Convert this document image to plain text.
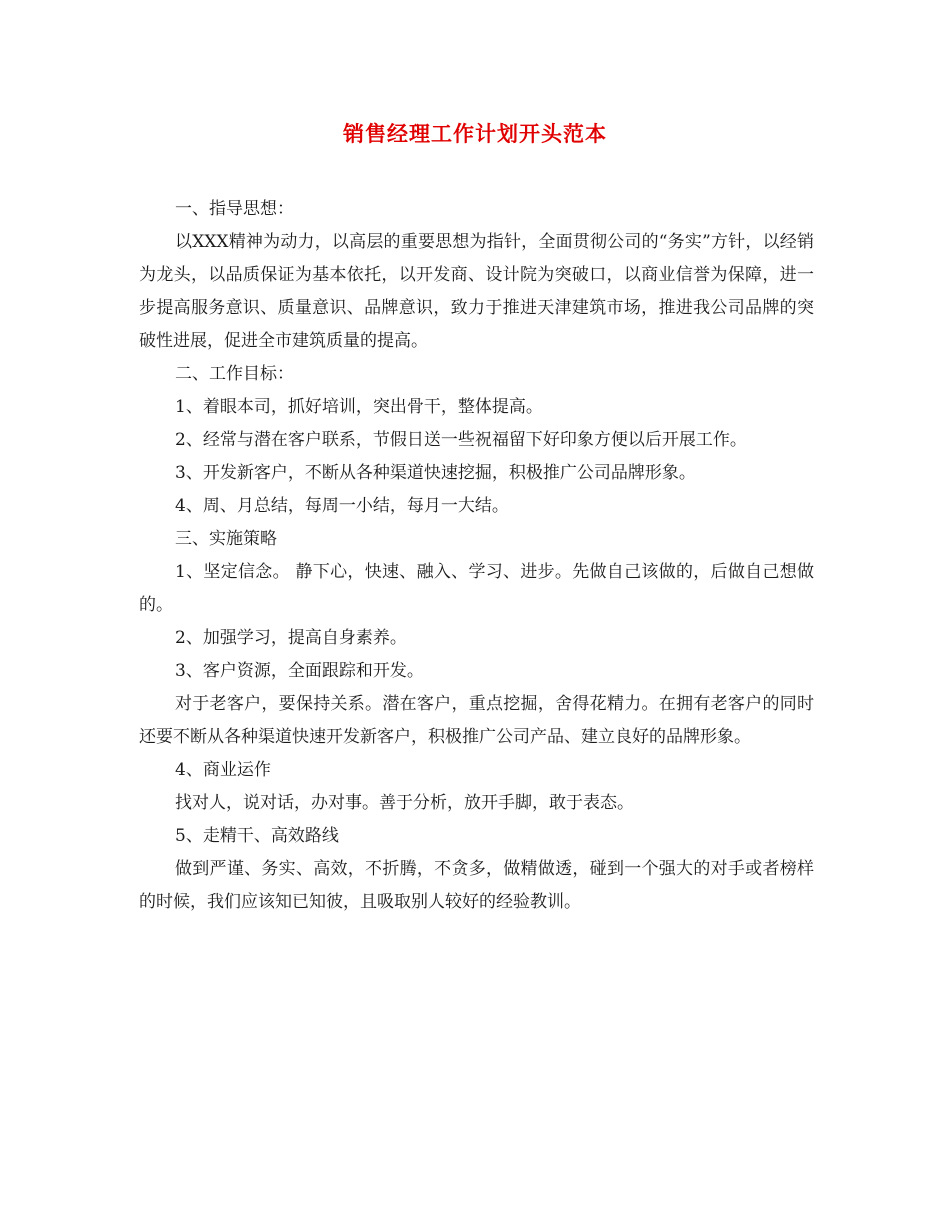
销售经理工作计划开头范本

一、指导思想：

以XXX精神为动力，以高层的重要思想为指针，全面贯彻公司的“务实”方针，以经销为龙头，以品质保证为基本依托，以开发商、设计院为突破口，以商业信誉为保障，进一步提高服务意识、质量意识、品牌意识，致力于推进天津建筑市场，推进我公司品牌的突破性进展，促进全市建筑质量的提高。

二、工作目标：

1、着眼本司，抓好培训，突出骨干，整体提高。

2、经常与潜在客户联系，节假日送一些祝福留下好印象方便以后开展工作。

3、开发新客户，不断从各种渠道快速挖掘，积极推广公司品牌形象。

4、周、月总结，每周一小结，每月一大结。

三、实施策略

1、坚定信念。 静下心，快速、融入、学习、进步。先做自己该做的，后做自己想做的。

2、加强学习，提高自身素养。

3、客户资源，全面跟踪和开发。

对于老客户，要保持关系。潜在客户，重点挖掘，舍得花精力。在拥有老客户的同时还要不断从各种渠道快速开发新客户，积极推广公司产品、建立良好的品牌形象。

4、商业运作

找对人，说对话，办对事。善于分析，放开手脚，敢于表态。

5、走精干、高效路线

做到严谨、务实、高效，不折腾，不贪多，做精做透，碰到一个强大的对手或者榜样的时候，我们应该知已知彼，且吸取别人较好的经验教训。
